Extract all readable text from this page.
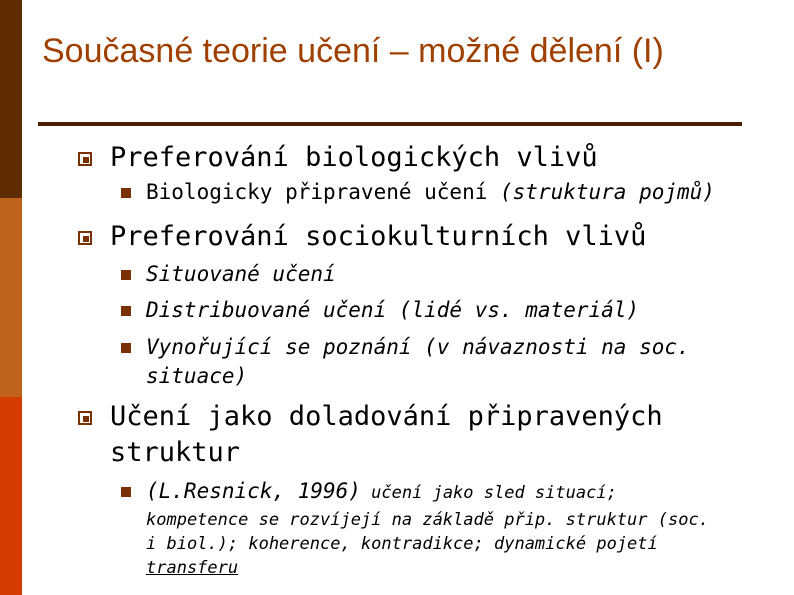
Současné teorie učení – možné dělení (I)
Preferování biologických vlivů
Biologicky připravené učení (struktura pojmů)
Preferování sociokulturních vlivů
Situované učení
Distribuované učení (lidé vs. materiál)
Vynořující se poznání (v návaznosti na soc.
situace)
Učení jako doladování připravených
struktur
(L.Resnick, 1996) učení jako sled situací;
kompetence se rozvíjejí na základě přip. struktur (soc.
i biol.); koherence, kontradikce; dynamické pojetí
transferu
